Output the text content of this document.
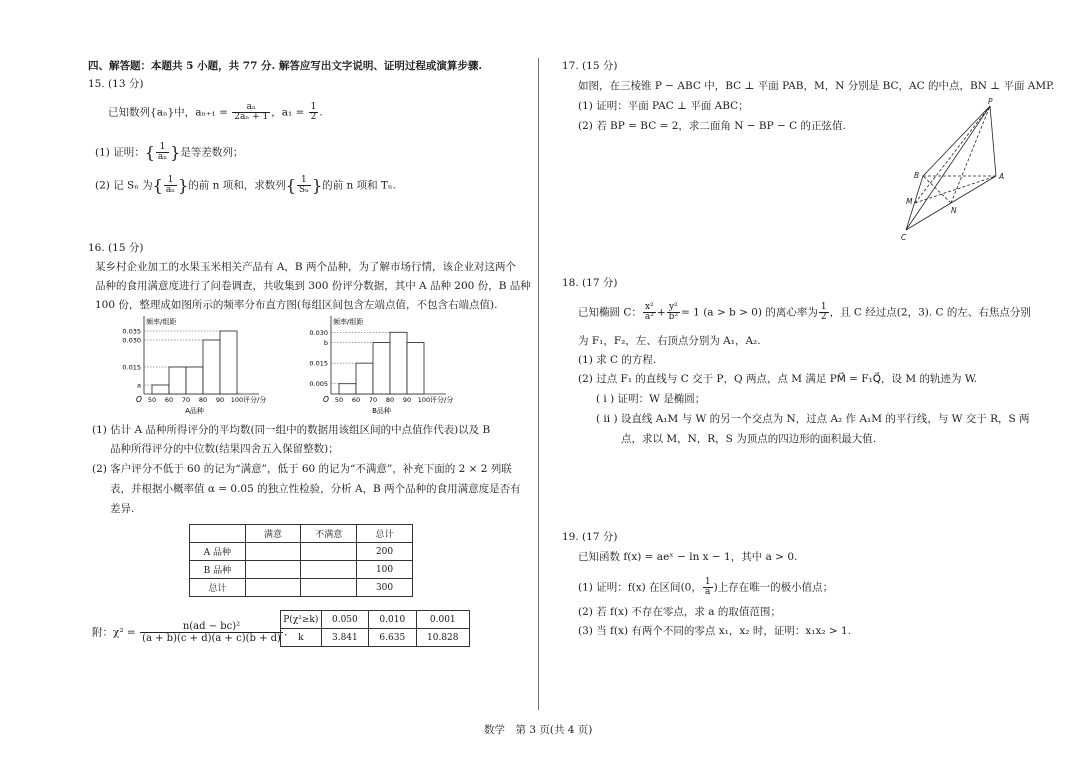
四、解答题：本题共 5 小题，共 77 分. 解答应写出文字说明、证明过程或演算步骤.
15. (13 分)
已知数列{aₙ}中，$a_{n+1} = \frac{\text{aₙ}}{\text{2aₙ + 1}}$ ，$a_1 = \frac{1}{2}$ .
(1) 证明：{ $\frac{1}{\text{aₙ}}$ }是等差数列；
(2) 记 Sₙ 为{ $\frac{1}{\text{aₙ}}$ }的前 n 项和，求数列{ $\frac{1}{\text{Sₙ}}$ }的前 n 项和 Tₙ.
16. (15 分)
某乡村企业加工的水果玉米相关产品有 A，B 两个品种，为了解市场行情，该企业对这两个
品种的食用满意度进行了问卷调查，共收集到 300 份评分数据，其中 A 品种 200 份，B 品种
100 份，整理成如图所示的频率分布直方图(每组区间包含左端点值，不包含右端点值).
频率/组距
评分/分
O
0.035
0.030
0.015
a
50 60 70 80 90 100
A品种
频率/组距
评分/分
O
0.030
b
0.015
0.005
50 60 70 80 90 100
B品种
(1) 估计 A 品种所得评分的平均数(同一组中的数据用该组区间的中点值作代表)以及 B
品种所得评分的中位数(结果四舍五入保留整数)；
(2) 客户评分不低于 60 的记为“满意”，低于 60 的记为“不满意”，补充下面的 2 × 2 列联
表，并根据小概率值 α = 0.05 的独立性检验，分析 A，B 两个品种的食用满意度是否有
差异.
	满意	不满意	总计
A 品种			200
B 品种			100
总计			300
附：$\chi^2 = \frac{\text{n(ad − bc)²}}{(a + b)(c + d)(a + c)(b + d)}$ .
P(χ²≥k)	0.050	0.010	0.001
k	3.841	6.635	10.828
17. (15 分)
如图，在三棱锥 P − ABC 中，BC ⊥ 平面 PAB，M，N 分别是 BC，AC 的中点，BN ⊥ 平面 AMP.
(1) 证明：平面 PAC ⊥ 平面 ABC；
(2) 若 BP = BC = 2，求二面角 N − BP − C 的正弦值.
P
B	A
M
N
C
18. (17 分)
已知椭圆 C： $\frac{\text{x²}}{\text{a²}} + \frac{\text{y²}}{\text{b²}} = 1$ (a > b > 0) 的离心率为 $\frac{1}{2}$ ，且 C 经过点(2，3). C 的左、右焦点分别
为 F₁，F₂，左、右顶点分别为 A₁，A₂.
(1) 求 C 的方程.
(2) 过点 F₁ 的直线与 C 交于 P，Q 两点，点 M 满足 PM⃗ = F₁Q⃗，设 M 的轨迹为 W.
( ⅰ ) 证明：W 是椭圆；
( ⅱ ) 设直线 A₁M 与 W 的另一个交点为 N，过点 A₂ 作 A₁M 的平行线，与 W 交于 R，S 两
点，求以 M，N，R，S 为顶点的四边形的面积最大值.
19. (17 分)
已知函数 f(x) = aeˣ − ln x − 1，其中 a > 0.
(1) 证明：f(x) 在区间(0， $\frac{1}{a}$ )上存在唯一的极小值点；
(2) 若 f(x) 不存在零点，求 a 的取值范围；
(3) 当 f(x) 有两个不同的零点 x₁，x₂ 时，证明：x₁x₂ > 1.
数学　第 3 页(共 4 页)
